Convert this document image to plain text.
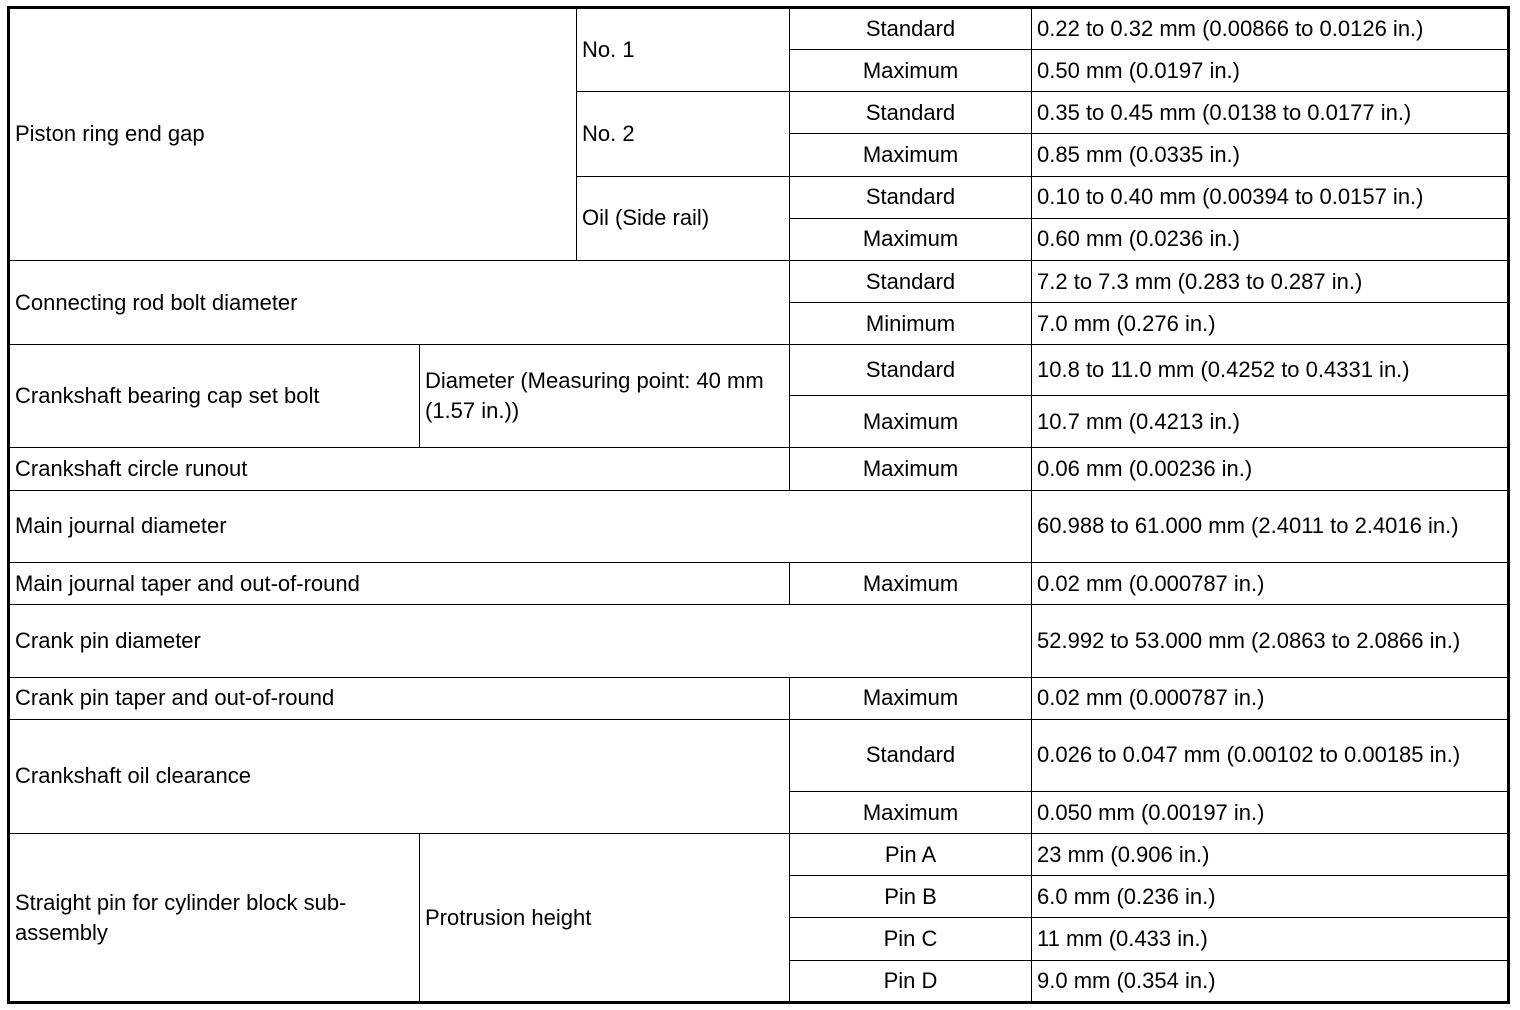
Piston ring end gap		No. 1	Standard	0.22 to 0.32 mm (0.00866 to 0.0126 in.)
			Maximum	0.50 mm (0.0197 in.)
		No. 2	Standard	0.35 to 0.45 mm (0.0138 to 0.0177 in.)
			Maximum	0.85 mm (0.0335 in.)
		Oil (Side rail)	Standard	0.10 to 0.40 mm (0.00394 to 0.0157 in.)
			Maximum	0.60 mm (0.0236 in.)
Connecting rod bolt diameter			Standard	7.2 to 7.3 mm (0.283 to 0.287 in.)
			Minimum	7.0 mm (0.276 in.)
Crankshaft bearing cap set bolt	Diameter (Measuring point: 40 mm (1.57 in.))		Standard	10.8 to 11.0 mm (0.4252 to 0.4331 in.)
			Maximum	10.7 mm (0.4213 in.)
Crankshaft circle runout			Maximum	0.06 mm (0.00236 in.)
Main journal diameter				60.988 to 61.000 mm (2.4011 to 2.4016 in.)
Main journal taper and out-of-round			Maximum	0.02 mm (0.000787 in.)
Crank pin diameter				52.992 to 53.000 mm (2.0863 to 2.0866 in.)
Crank pin taper and out-of-round			Maximum	0.02 mm (0.000787 in.)
Crankshaft oil clearance			Standard	0.026 to 0.047 mm (0.00102 to 0.00185 in.)
			Maximum	0.050 mm (0.00197 in.)
Straight pin for cylinder block sub-assembly	Protrusion height		Pin A	23 mm (0.906 in.)
			Pin B	6.0 mm (0.236 in.)
			Pin C	11 mm (0.433 in.)
			Pin D	9.0 mm (0.354 in.)
